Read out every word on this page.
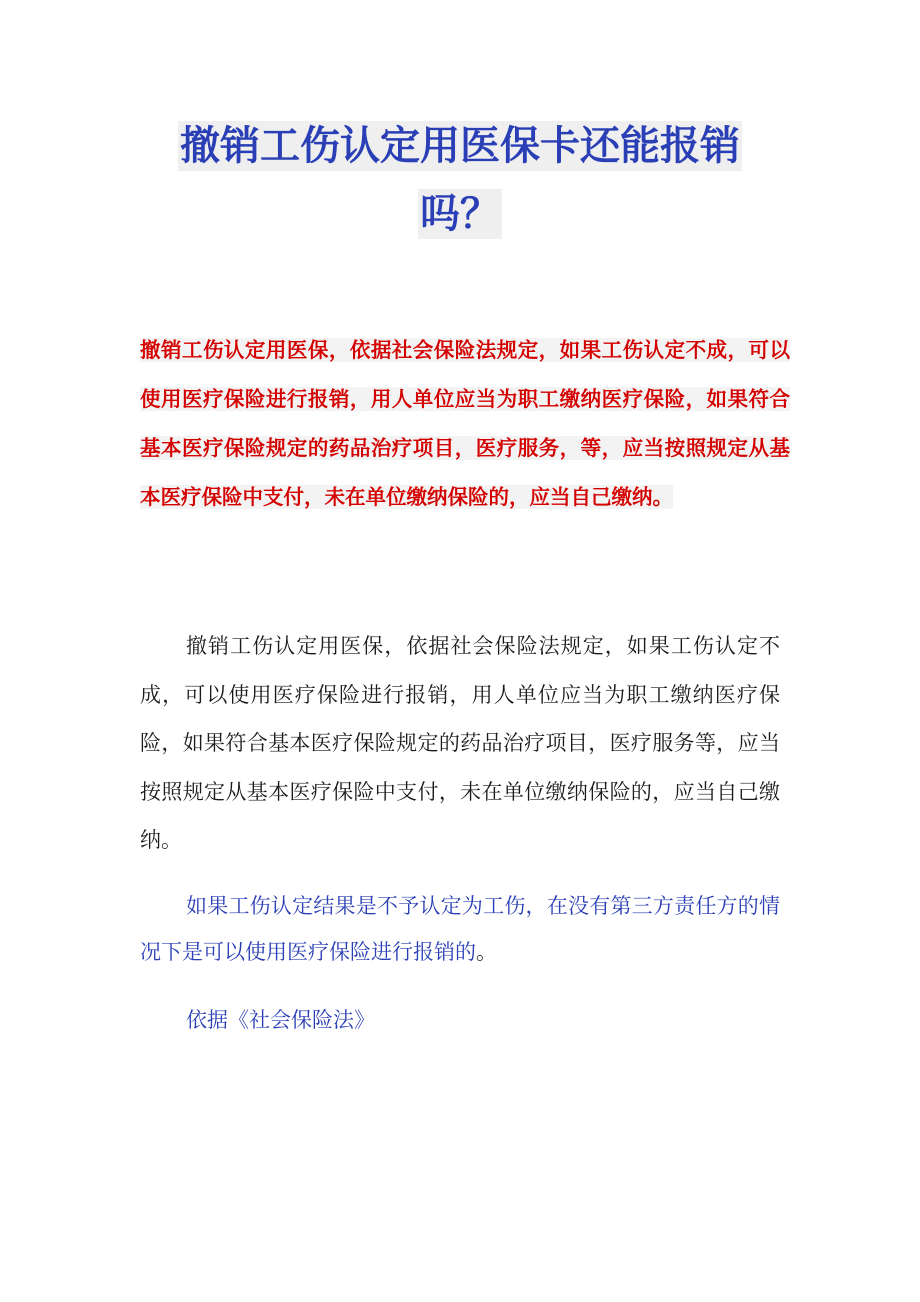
撤销工伤认定用医保卡还能报销吗？

撤销工伤认定用医保，依据社会保险法规定，如果工伤认定不成，可以使用医疗保险进行报销，用人单位应当为职工缴纳医疗保险，如果符合基本医疗保险规定的药品治疗项目，医疗服务，等，应当按照规定从基本医疗保险中支付，未在单位缴纳保险的，应当自己缴纳。

撤销工伤认定用医保，依据社会保险法规定，如果工伤认定不成，可以使用医疗保险进行报销，用人单位应当为职工缴纳医疗保险，如果符合基本医疗保险规定的药品治疗项目，医疗服务等，应当按照规定从基本医疗保险中支付，未在单位缴纳保险的，应当自己缴纳。

如果工伤认定结果是不予认定为工伤，在没有第三方责任方的情况下是可以使用医疗保险进行报销的。

依据《社会保险法》
